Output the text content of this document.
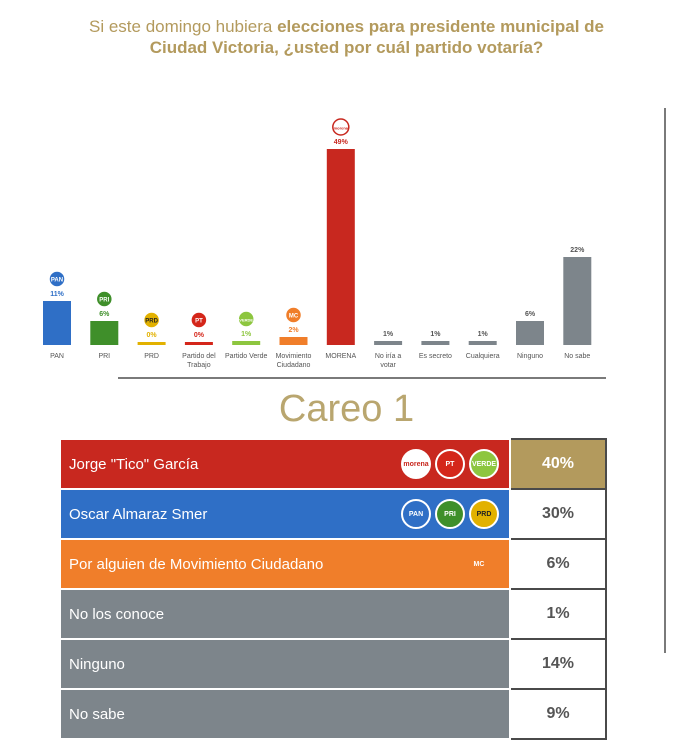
Si este domingo hubiera elecciones para presidente municipal de
Ciudad Victoria, ¿usted por cuál partido votaría?
11%
PAN
PAN
6%
PRI
PRI
0%
PRD
PRD
0%
PT
Partido del
Trabajo
1%
VERDE
Partido Verde
2%
MC
Movimiento
Ciudadano
49%
morena
MORENA
1%
No iría a
votar
1%
Es secreto
1%
Cualquiera
6%
Ninguno
22%
No sabe
Careo 1
Jorge "Tico" García morena PT VERDE	40%
Oscar Almaraz Smer PAN PRI PRD	30%
Por alguien de Movimiento Ciudadano MC	6%
No los conoce	1%
Ninguno	14%
No sabe	9%
